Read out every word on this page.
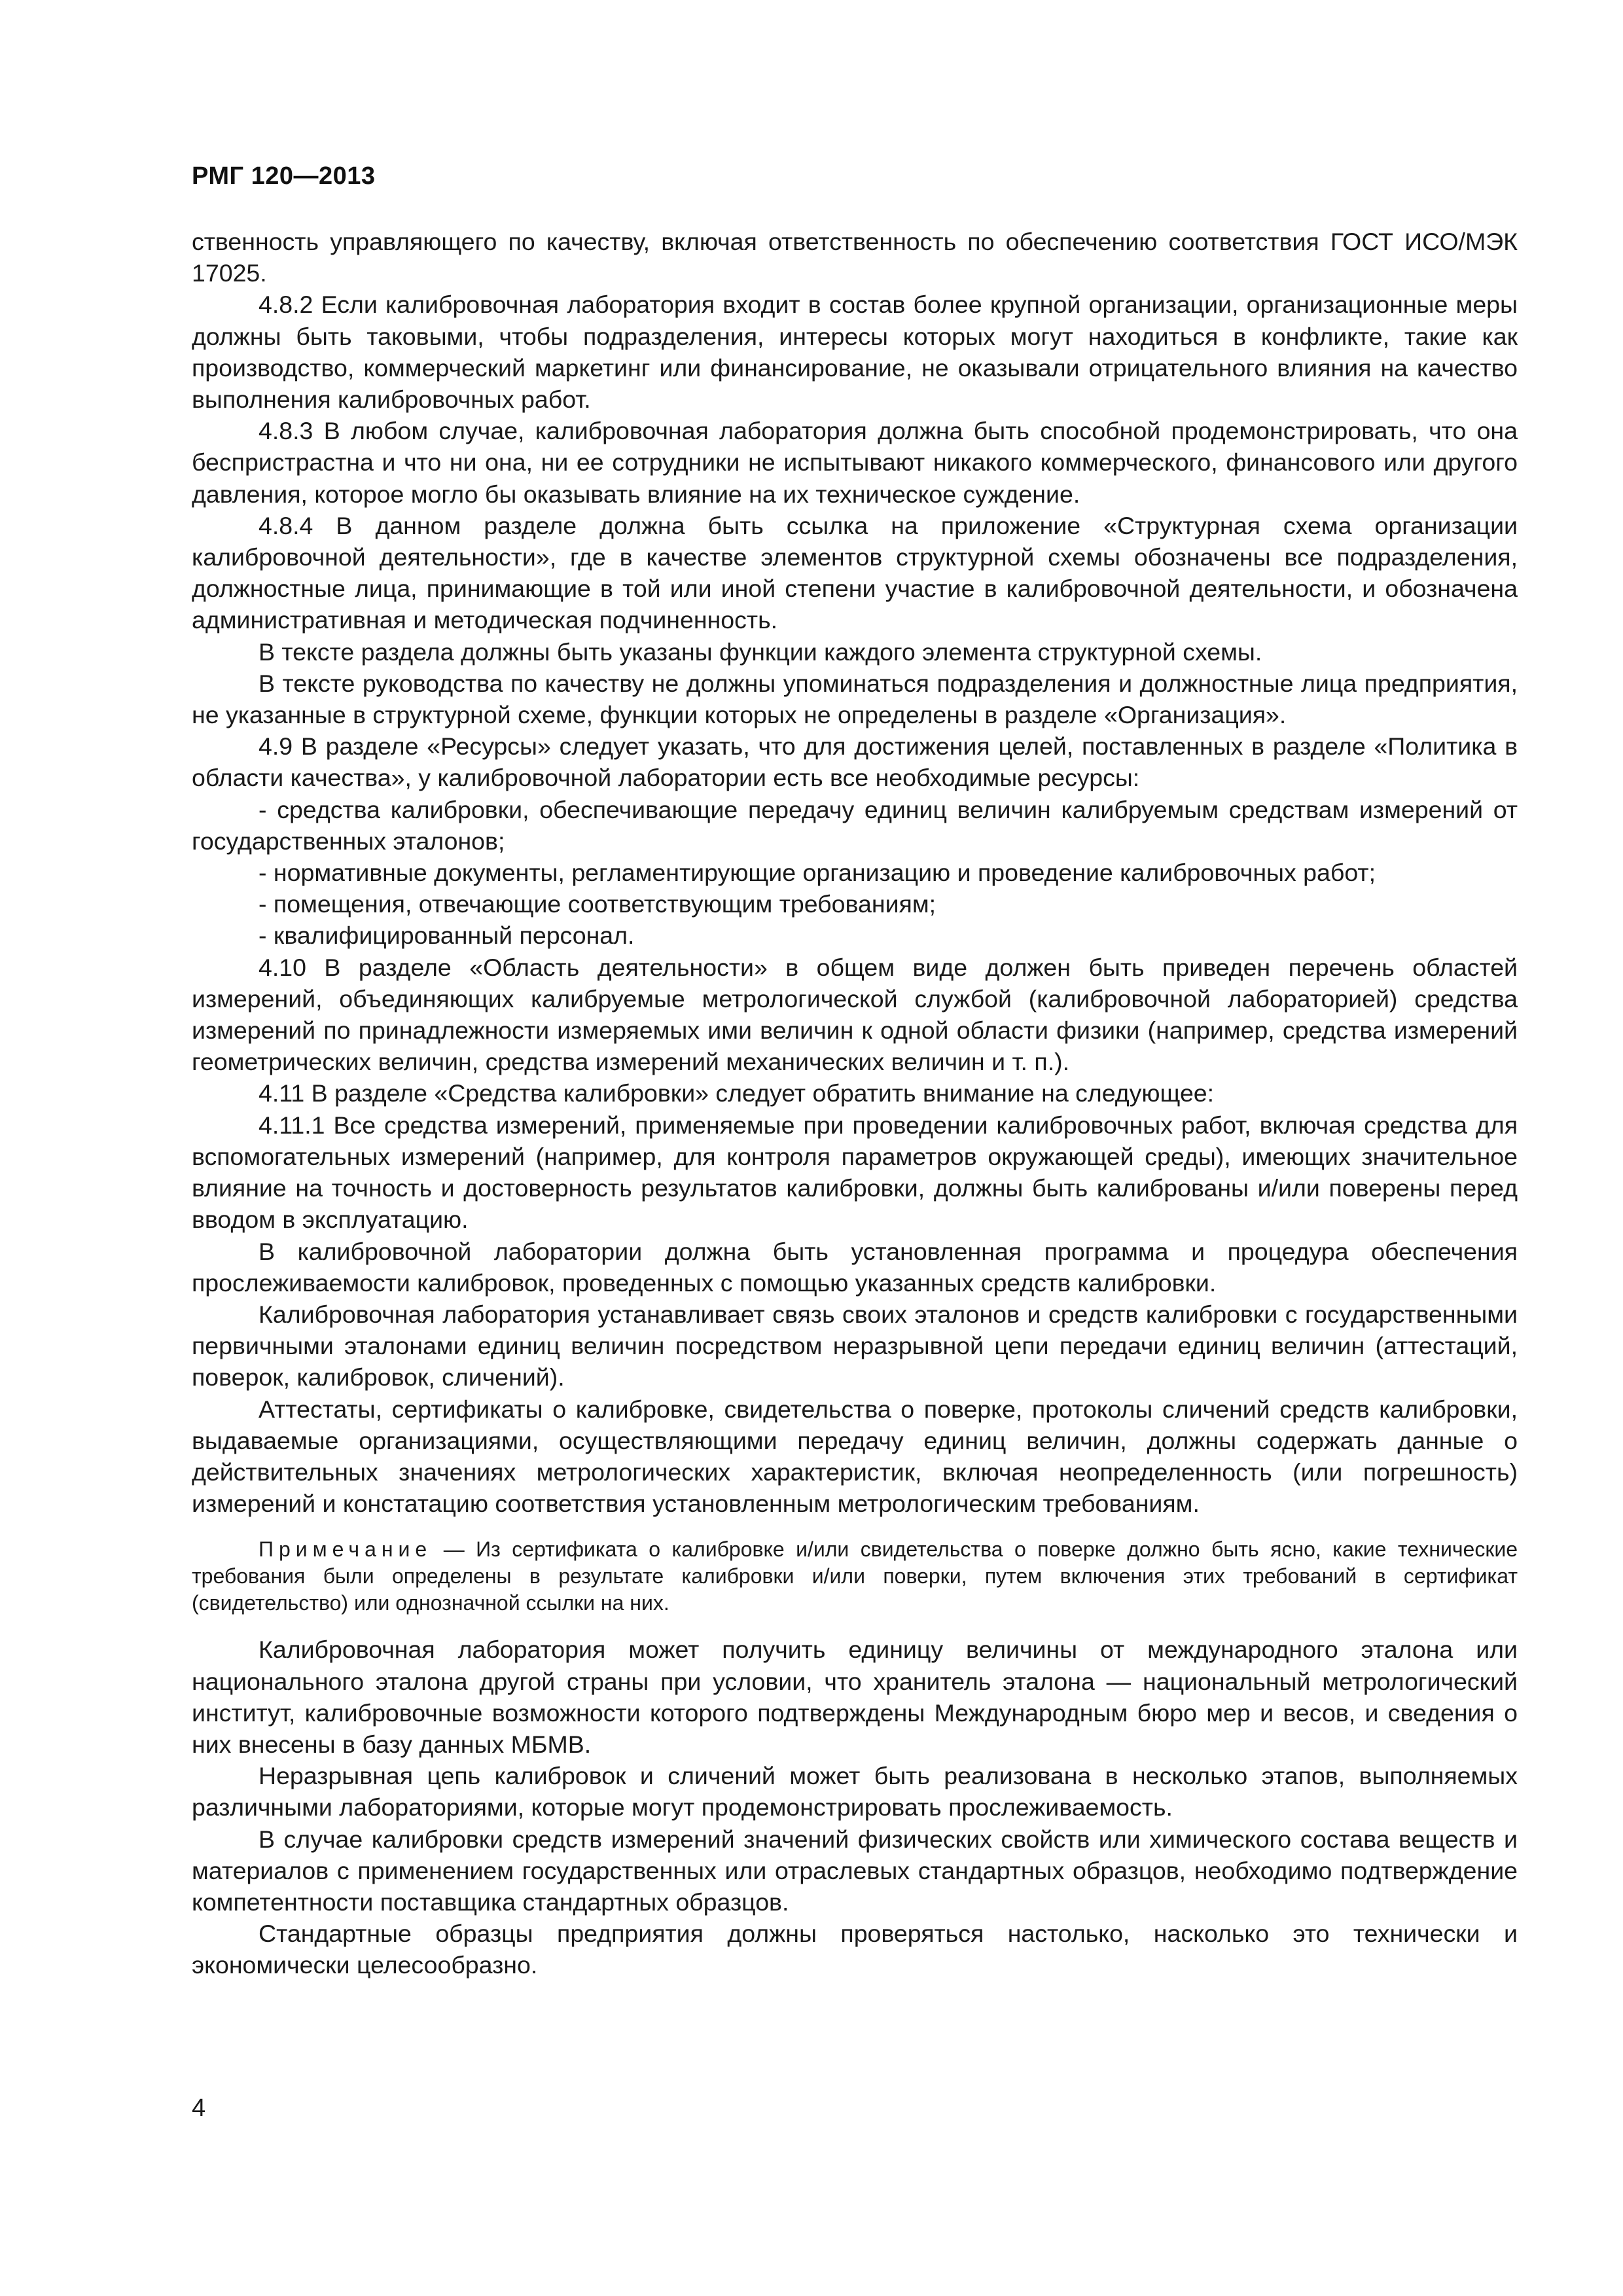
РМГ 120—2013

ственность управляющего по качеству, включая ответственность по обеспечению соответствия ГОСТ ИСО/МЭК 17025.

4.8.2 Если калибровочная лаборатория входит в состав более крупной организации, организационные меры должны быть таковыми, чтобы подразделения, интересы которых могут находиться в конфликте, такие как производство, коммерческий маркетинг или финансирование, не оказывали отрицательного влияния на качество выполнения калибровочных работ.

4.8.3 В любом случае, калибровочная лаборатория должна быть способной продемонстрировать, что она беспристрастна и что ни она, ни ее сотрудники не испытывают никакого коммерческого, финансового или другого давления, которое могло бы оказывать влияние на их техническое суждение.

4.8.4 В данном разделе должна быть ссылка на приложение «Структурная схема организации калибровочной деятельности», где в качестве элементов структурной схемы обозначены все подразделения, должностные лица, принимающие в той или иной степени участие в калибровочной деятельности, и обозначена административная и методическая подчиненность.

В тексте раздела должны быть указаны функции каждого элемента структурной схемы.

В тексте руководства по качеству не должны упоминаться подразделения и должностные лица предприятия, не указанные в структурной схеме, функции которых не определены в разделе «Организация».

4.9 В разделе «Ресурсы» следует указать, что для достижения целей, поставленных в разделе «Политика в области качества», у калибровочной лаборатории есть все необходимые ресурсы:

- средства калибровки, обеспечивающие передачу единиц величин калибруемым средствам измерений от государственных эталонов;

- нормативные документы, регламентирующие организацию и проведение калибровочных работ;

- помещения, отвечающие соответствующим требованиям;

- квалифицированный персонал.

4.10 В разделе «Область деятельности» в общем виде должен быть приведен перечень областей измерений, объединяющих калибруемые метрологической службой (калибровочной лабораторией) средства измерений по принадлежности измеряемых ими величин к одной области физики (например, средства измерений геометрических величин, средства измерений механических величин и т. п.).

4.11 В разделе «Средства калибровки» следует обратить внимание на следующее:

4.11.1 Все средства измерений, применяемые при проведении калибровочных работ, включая средства для вспомогательных измерений (например, для контроля параметров окружающей среды), имеющих значительное влияние на точность и достоверность результатов калибровки, должны быть калиброваны и/или поверены перед вводом в эксплуатацию.

В калибровочной лаборатории должна быть установленная программа и процедура обеспечения прослеживаемости калибровок, проведенных с помощью указанных средств калибровки.

Калибровочная лаборатория устанавливает связь своих эталонов и средств калибровки с государственными первичными эталонами единиц величин посредством неразрывной цепи передачи единиц величин (аттестаций, поверок, калибровок, сличений).

Аттестаты, сертификаты о калибровке, свидетельства о поверке, протоколы сличений средств калибровки, выдаваемые организациями, осуществляющими передачу единиц величин, должны содержать данные о действительных значениях метрологических характеристик, включая неопределенность (или погрешность) измерений и констатацию соответствия установленным метрологическим требованиям.

Примечание — Из сертификата о калибровке и/или свидетельства о поверке должно быть ясно, какие технические требования были определены в результате калибровки и/или поверки, путем включения этих требований в сертификат (свидетельство) или однозначной ссылки на них.

Калибровочная лаборатория может получить единицу величины от международного эталона или национального эталона другой страны при условии, что хранитель эталона — национальный метрологический институт, калибровочные возможности которого подтверждены Международным бюро мер и весов, и сведения о них внесены в базу данных МБМВ.

Неразрывная цепь калибровок и сличений может быть реализована в несколько этапов, выполняемых различными лабораториями, которые могут продемонстрировать прослеживаемость.

В случае калибровки средств измерений значений физических свойств или химического состава веществ и материалов с применением государственных или отраслевых стандартных образцов, необходимо подтверждение компетентности поставщика стандартных образцов.

Стандартные образцы предприятия должны проверяться настолько, насколько это технически и экономически целесообразно.

4
